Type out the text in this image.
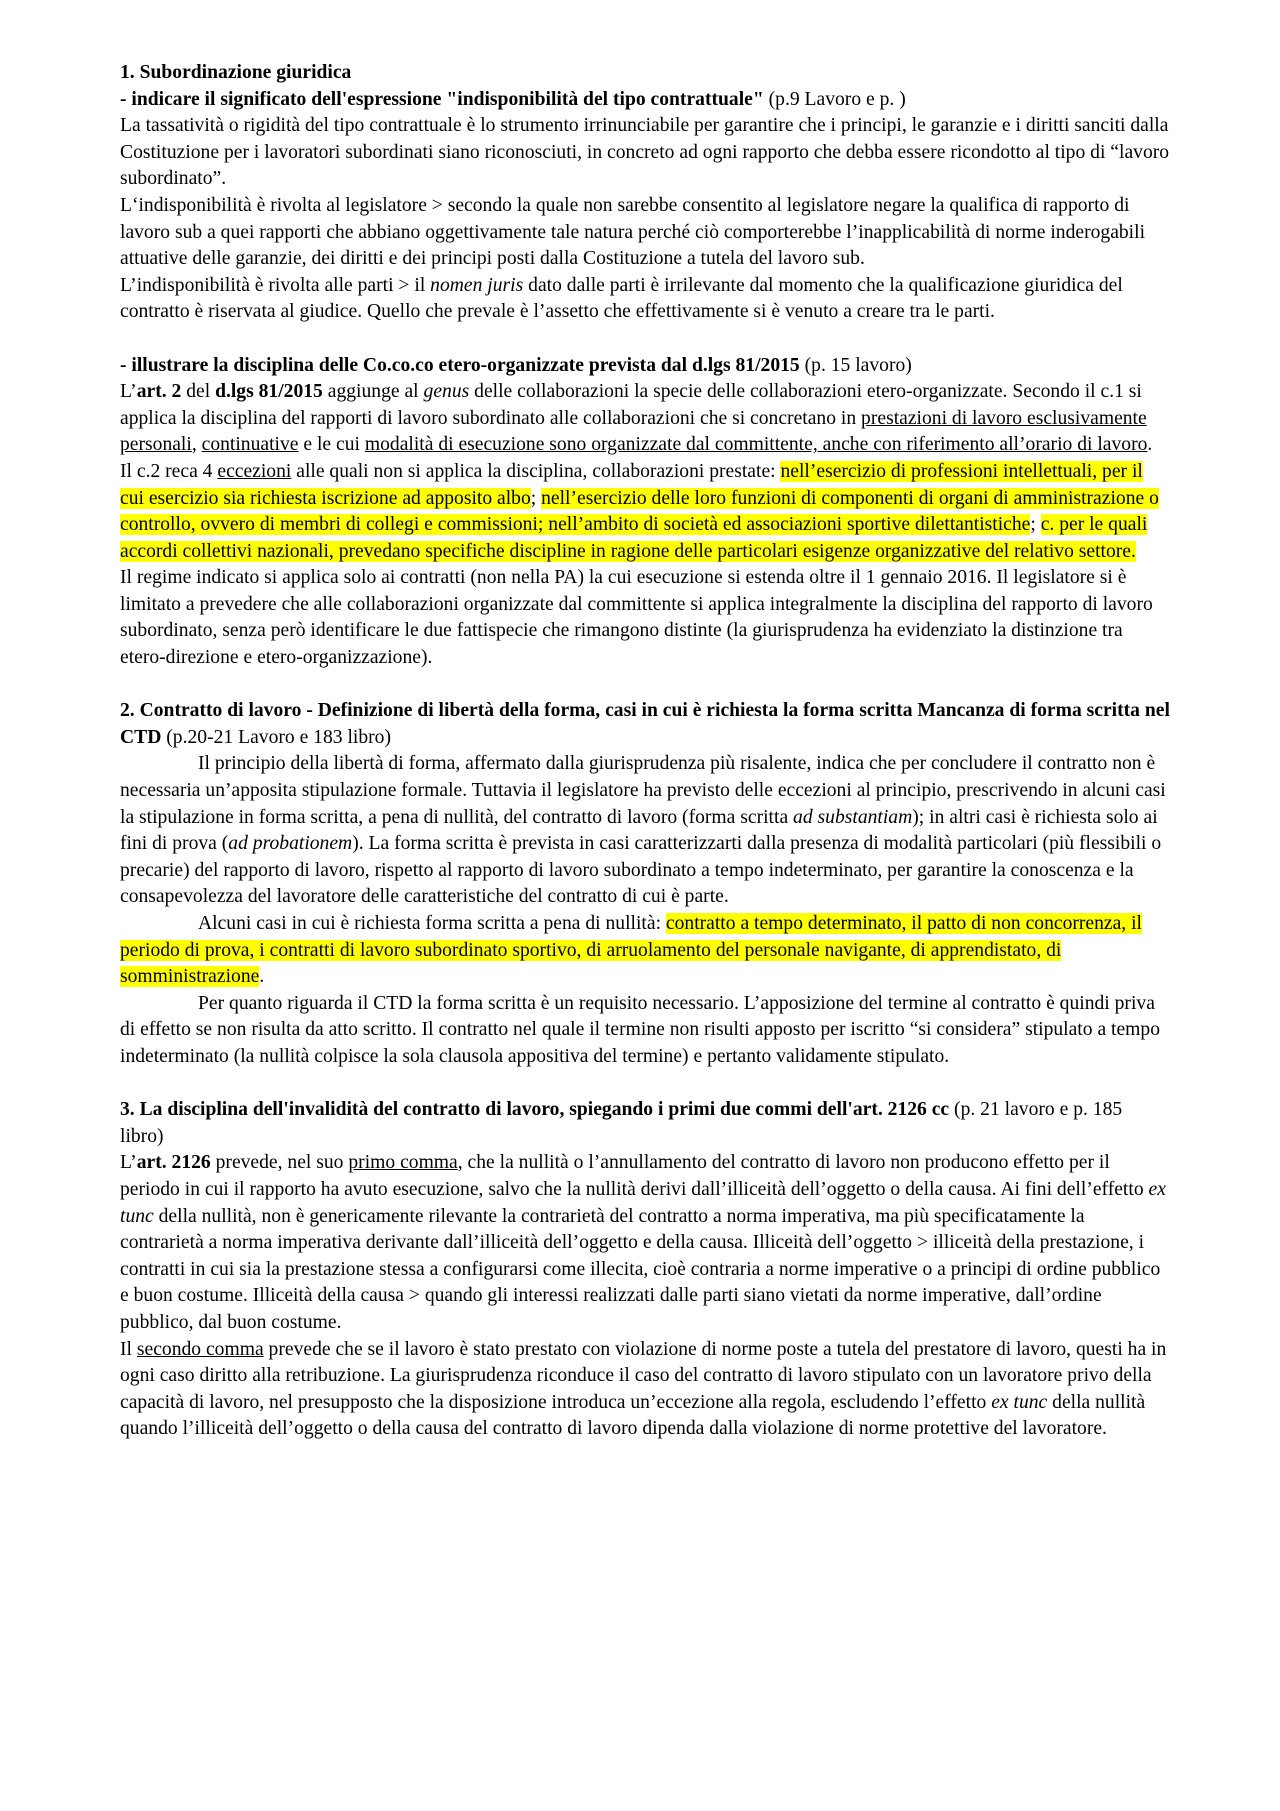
1. Subordinazione giuridica

- indicare il significato dell'espressione "indisponibilità del tipo contrattuale" (p.9 Lavoro e p. )

La tassatività o rigidità del tipo contrattuale è lo strumento irrinunciabile per garantire che i principi, le garanzie e i diritti sanciti dalla Costituzione per i lavoratori subordinati siano riconosciuti, in concreto ad ogni rapporto che debba essere ricondotto al tipo di “lavoro subordinato”.

L‘indisponibilità è rivolta al legislatore > secondo la quale non sarebbe consentito al legislatore negare la qualifica di rapporto di lavoro sub a quei rapporti che abbiano oggettivamente tale natura perché ciò comporterebbe l’inapplicabilità di norme inderogabili attuative delle garanzie, dei diritti e dei principi posti dalla Costituzione a tutela del lavoro sub.

L’indisponibilità è rivolta alle parti > il nomen juris dato dalle parti è irrilevante dal momento che la qualificazione giuridica del contratto è riservata al giudice. Quello che prevale è l’assetto che effettivamente si è venuto a creare tra le parti.

- illustrare la disciplina delle Co.co.co etero-organizzate prevista dal d.lgs 81/2015 (p. 15 lavoro)

L’art. 2 del d.lgs 81/2015 aggiunge al genus delle collaborazioni la specie delle collaborazioni etero-organizzate. Secondo il c.1 si applica la disciplina del rapporti di lavoro subordinato alle collaborazioni che si concretano in prestazioni di lavoro esclusivamente personali, continuative e le cui modalità di esecuzione sono organizzate dal committente, anche con riferimento all’orario di lavoro.

Il c.2 reca 4 eccezioni alle quali non si applica la disciplina, collaborazioni prestate: nell’esercizio di professioni intellettuali, per il cui esercizio sia richiesta iscrizione ad apposito albo; nell’esercizio delle loro funzioni di componenti di organi di amministrazione o controllo, ovvero di membri di collegi e commissioni; nell’ambito di società ed associazioni sportive dilettantistiche; c. per le quali accordi collettivi nazionali, prevedano specifiche discipline in ragione delle particolari esigenze organizzative del relativo settore.

Il regime indicato si applica solo ai contratti (non nella PA) la cui esecuzione si estenda oltre il 1 gennaio 2016. Il legislatore si è limitato a prevedere che alle collaborazioni organizzate dal committente si applica integralmente la disciplina del rapporto di lavoro subordinato, senza però identificare le due fattispecie che rimangono distinte (la giurisprudenza ha evidenziato la distinzione tra etero-direzione e etero-organizzazione).

2. Contratto di lavoro - Definizione di libertà della forma, casi in cui è richiesta la forma scritta Mancanza di forma scritta nel CTD (p.20-21 Lavoro e 183 libro)

Il principio della libertà di forma, affermato dalla giurisprudenza più risalente, indica che per concludere il contratto non è necessaria un’apposita stipulazione formale. Tuttavia il legislatore ha previsto delle eccezioni al principio, prescrivendo in alcuni casi la stipulazione in forma scritta, a pena di nullità, del contratto di lavoro (forma scritta ad substantiam); in altri casi è richiesta solo ai fini di prova (ad probationem). La forma scritta è prevista in casi caratterizzarti dalla presenza di modalità particolari (più flessibili o precarie) del rapporto di lavoro, rispetto al rapporto di lavoro subordinato a tempo indeterminato, per garantire la conoscenza e la consapevolezza del lavoratore delle caratteristiche del contratto di cui è parte.

Alcuni casi in cui è richiesta forma scritta a pena di nullità: contratto a tempo determinato, il patto di non concorrenza, il periodo di prova, i contratti di lavoro subordinato sportivo, di arruolamento del personale navigante, di apprendistato, di somministrazione.

Per quanto riguarda il CTD la forma scritta è un requisito necessario. L’apposizione del termine al contratto è quindi priva di effetto se non risulta da atto scritto. Il contratto nel quale il termine non risulti apposto per iscritto “si considera” stipulato a tempo indeterminato (la nullità colpisce la sola clausola appositiva del termine) e pertanto validamente stipulato.

3. La disciplina dell'invalidità del contratto di lavoro, spiegando i primi due commi dell'art. 2126 cc (p. 21 lavoro e p. 185 libro)

L’art. 2126 prevede, nel suo primo comma, che la nullità o l’annullamento del contratto di lavoro non producono effetto per il periodo in cui il rapporto ha avuto esecuzione, salvo che la nullità derivi dall’illiceità dell’oggetto o della causa. Ai fini dell’effetto ex tunc della nullità, non è genericamente rilevante la contrarietà del contratto a norma imperativa, ma più specificatamente la contrarietà a norma imperativa derivante dall’illiceità dell’oggetto e della causa. Illiceità dell’oggetto > illiceità della prestazione, i contratti in cui sia la prestazione stessa a configurarsi come illecita, cioè contraria a norme imperative o a principi di ordine pubblico e buon costume. Illiceità della causa > quando gli interessi realizzati dalle parti siano vietati da norme imperative, dall’ordine pubblico, dal buon costume.

Il secondo comma prevede che se il lavoro è stato prestato con violazione di norme poste a tutela del prestatore di lavoro, questi ha in ogni caso diritto alla retribuzione. La giurisprudenza riconduce il caso del contratto di lavoro stipulato con un lavoratore privo della capacità di lavoro, nel presupposto che la disposizione introduca un’eccezione alla regola, escludendo l’effetto ex tunc della nullità quando l’illiceità dell’oggetto o della causa del contratto di lavoro dipenda dalla violazione di norme protettive del lavoratore.
